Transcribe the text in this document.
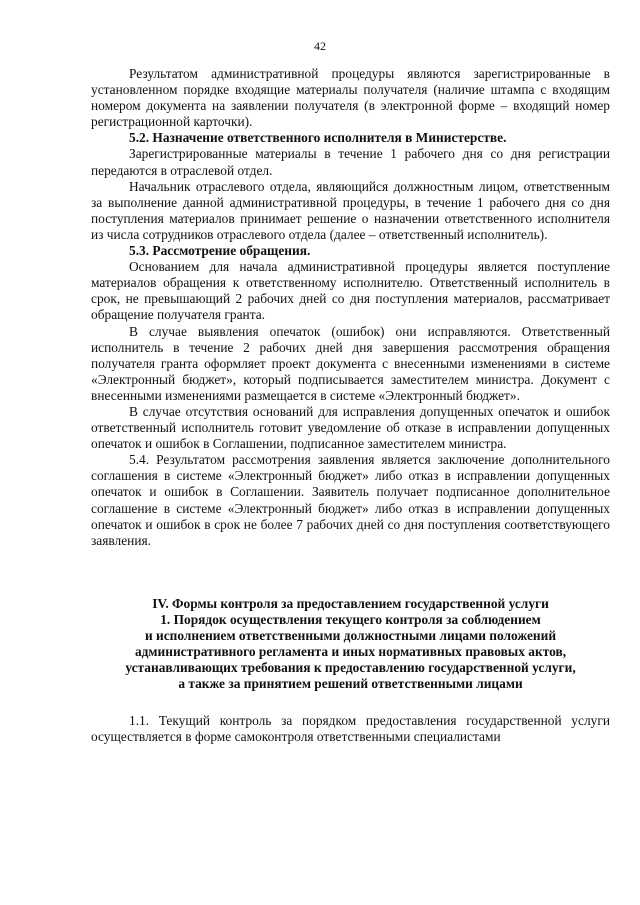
42

Результатом административной процедуры являются зарегистрированные в установленном порядке входящие материалы получателя (наличие штампа с входящим номером документа на заявлении получателя (в электронной форме – входящий номер регистрационной карточки).

5.2. Назначение ответственного исполнителя в Министерстве.

Зарегистрированные материалы в течение 1 рабочего дня со дня регистрации передаются в отраслевой отдел.

Начальник отраслевого отдела, являющийся должностным лицом, ответственным за выполнение данной административной процедуры, в течение 1 рабочего дня со дня поступления материалов принимает решение о назначении ответственного исполнителя из числа сотрудников отраслевого отдела (далее – ответственный исполнитель).

5.3. Рассмотрение обращения.

Основанием для начала административной процедуры является поступление материалов обращения к ответственному исполнителю. Ответственный исполнитель в срок, не превышающий 2 рабочих дней со дня поступления материалов, рассматривает обращение получателя гранта.

В случае выявления опечаток (ошибок) они исправляются. Ответственный исполнитель в течение 2 рабочих дней дня завершения рассмотрения обращения получателя гранта оформляет проект документа с внесенными изменениями в системе «Электронный бюджет», который подписывается заместителем министра. Документ с внесенными изменениями размещается в системе «Электронный бюджет».

В случае отсутствия оснований для исправления допущенных опечаток и ошибок ответственный исполнитель готовит уведомление об отказе в исправлении допущенных опечаток и ошибок в Соглашении, подписанное заместителем министра.

5.4. Результатом рассмотрения заявления является заключение дополнительного соглашения в системе «Электронный бюджет» либо отказ в исправлении допущенных опечаток и ошибок в Соглашении. Заявитель получает подписанное дополнительное соглашение в системе «Электронный бюджет» либо отказ в исправлении допущенных опечаток и ошибок в срок не более 7 рабочих дней со дня поступления соответствующего заявления.

IV. Формы контроля за предоставлением государственной услуги
1. Порядок осуществления текущего контроля за соблюдением
и исполнением ответственными должностными лицами положений
административного регламента и иных нормативных правовых актов,
устанавливающих требования к предоставлению государственной услуги,
а также за принятием решений ответственными лицами

1.1. Текущий контроль за порядком предоставления государственной услуги осуществляется в форме самоконтроля ответственными специалистами
